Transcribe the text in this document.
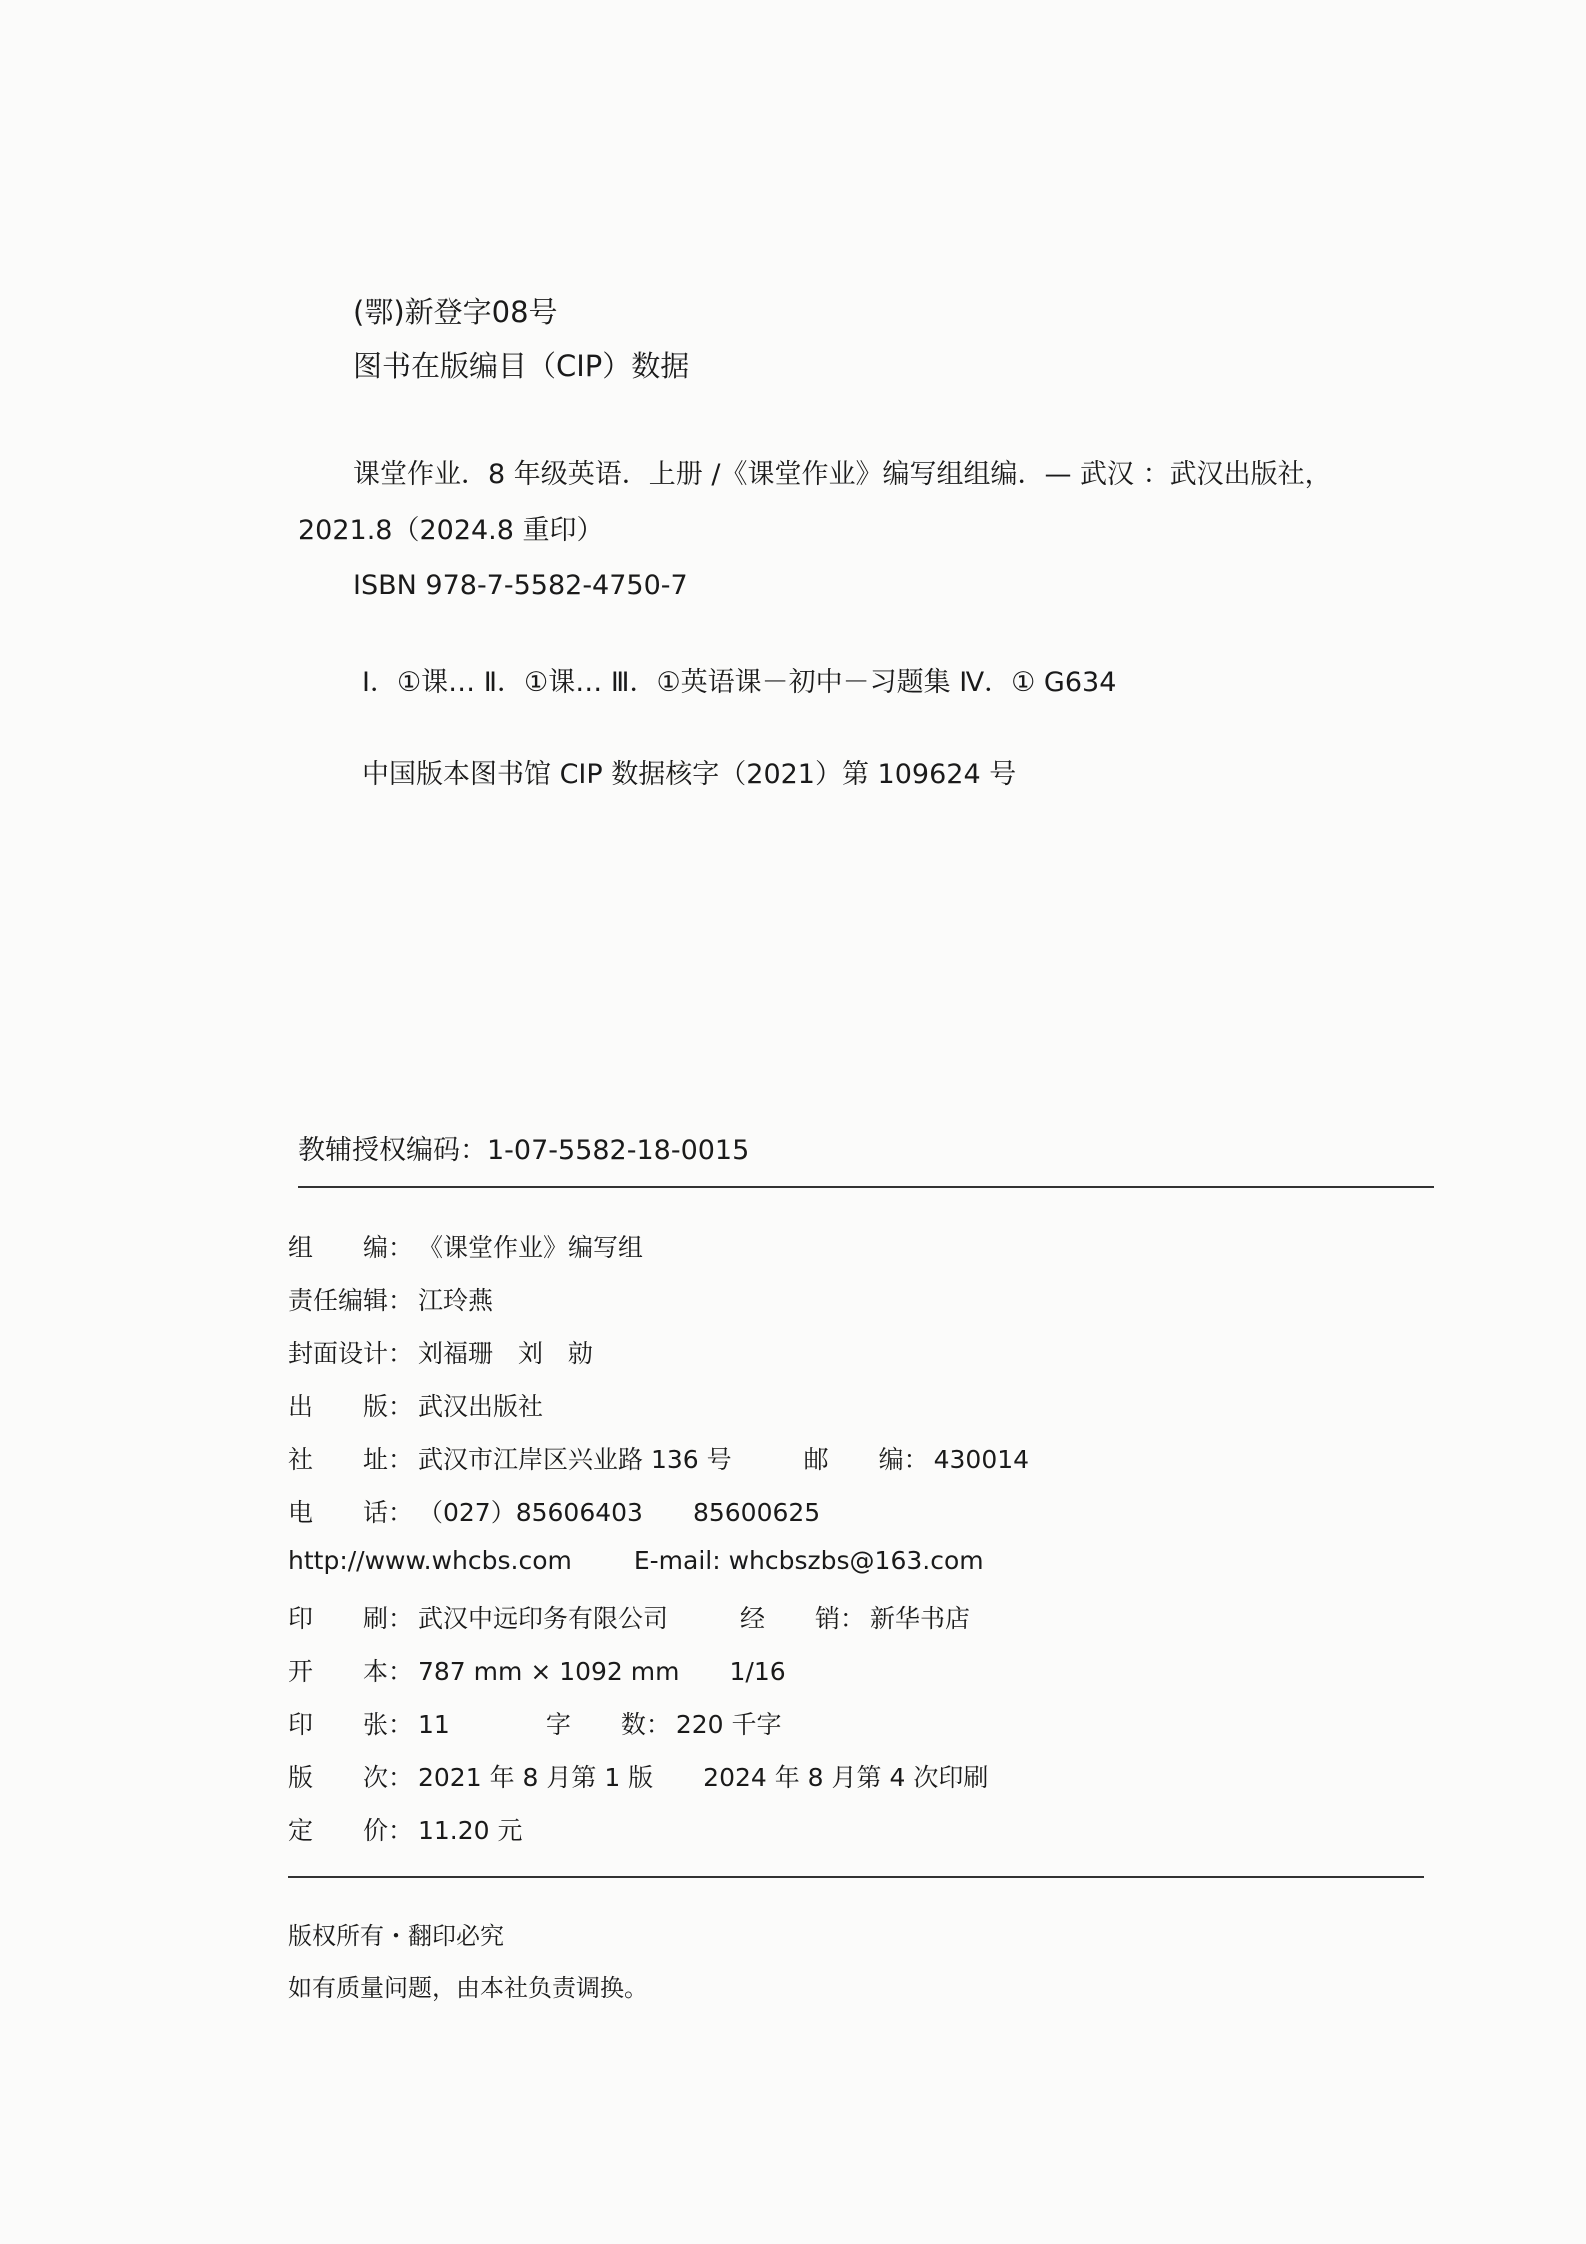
(鄂)新登字08号
图书在版编目（CIP）数据
课堂作业．8 年级英语．上册 /《课堂作业》编写组组编．— 武汉 ：武汉出版社，
2021.8（2024.8 重印）
ISBN 978-7-5582-4750-7
Ⅰ．①课… Ⅱ．①课… Ⅲ．①英语课－初中－习题集 Ⅳ．① G634
中国版本图书馆 CIP 数据核字（2021）第 109624 号
教辅授权编码：1-07-5582-18-0015
组　　编： 《课堂作业》编写组
责任编辑： 江玲燕
封面设计： 刘福珊　刘　勍
出　　版： 武汉出版社
社　　址： 武汉市江岸区兴业路 136 号	邮　　编： 430014
电　　话： （027）85606403　　85600625
http://www.whcbs.com E-mail: whcbszbs@163.com
印　　刷： 武汉中远印务有限公司	经　　销： 新华书店
开　　本： 787 mm × 1092 mm　　1/16
印　　张： 11	字　　数： 220 千字
版　　次： 2021 年 8 月第 1 版　　2024 年 8 月第 4 次印刷
定　　价： 11.20 元
版权所有・翻印必究
如有质量问题，由本社负责调换。
